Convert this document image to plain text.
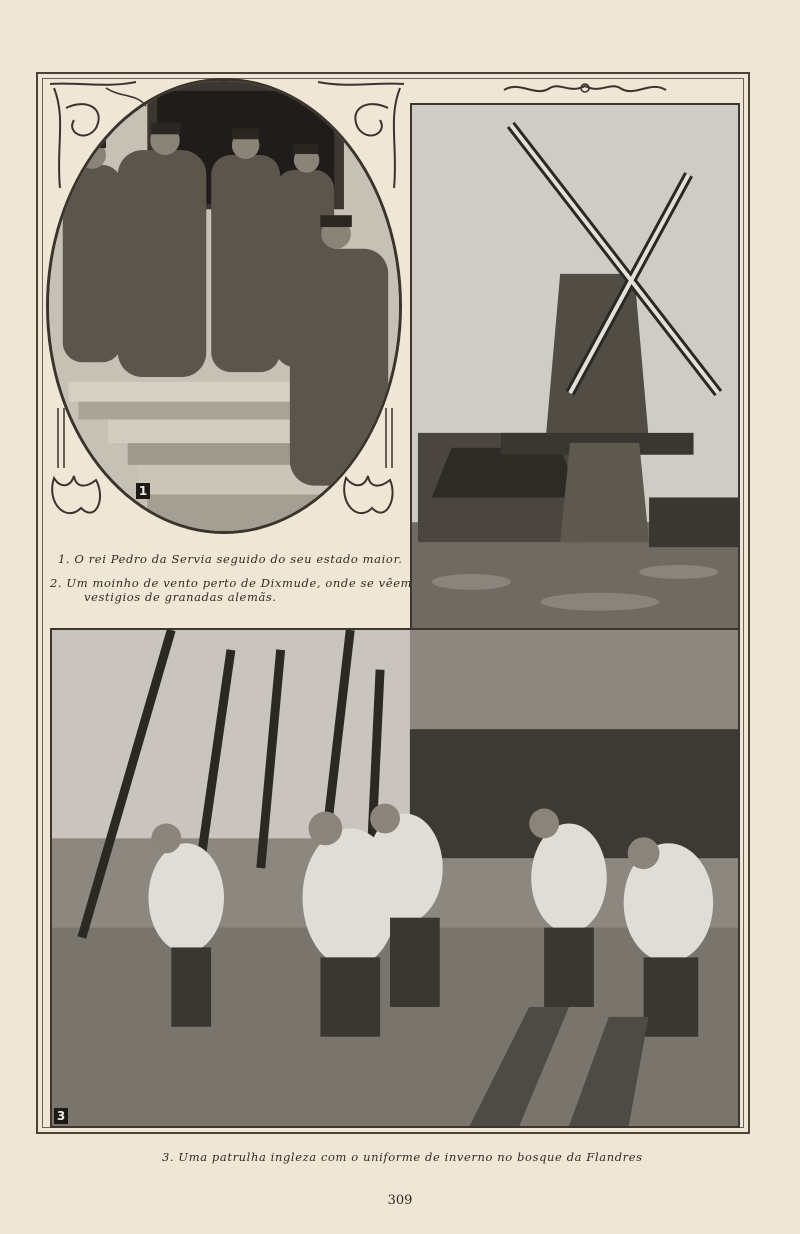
1
1. O rei Pedro da Servia seguido do seu estado maior.
2. Um moinho de vento perto de Dixmude, onde se vêem
vestigios de granadas alemãs.
3
3. Uma patrulha ingleza com o uniforme de inverno no bosque da Flandres
309
